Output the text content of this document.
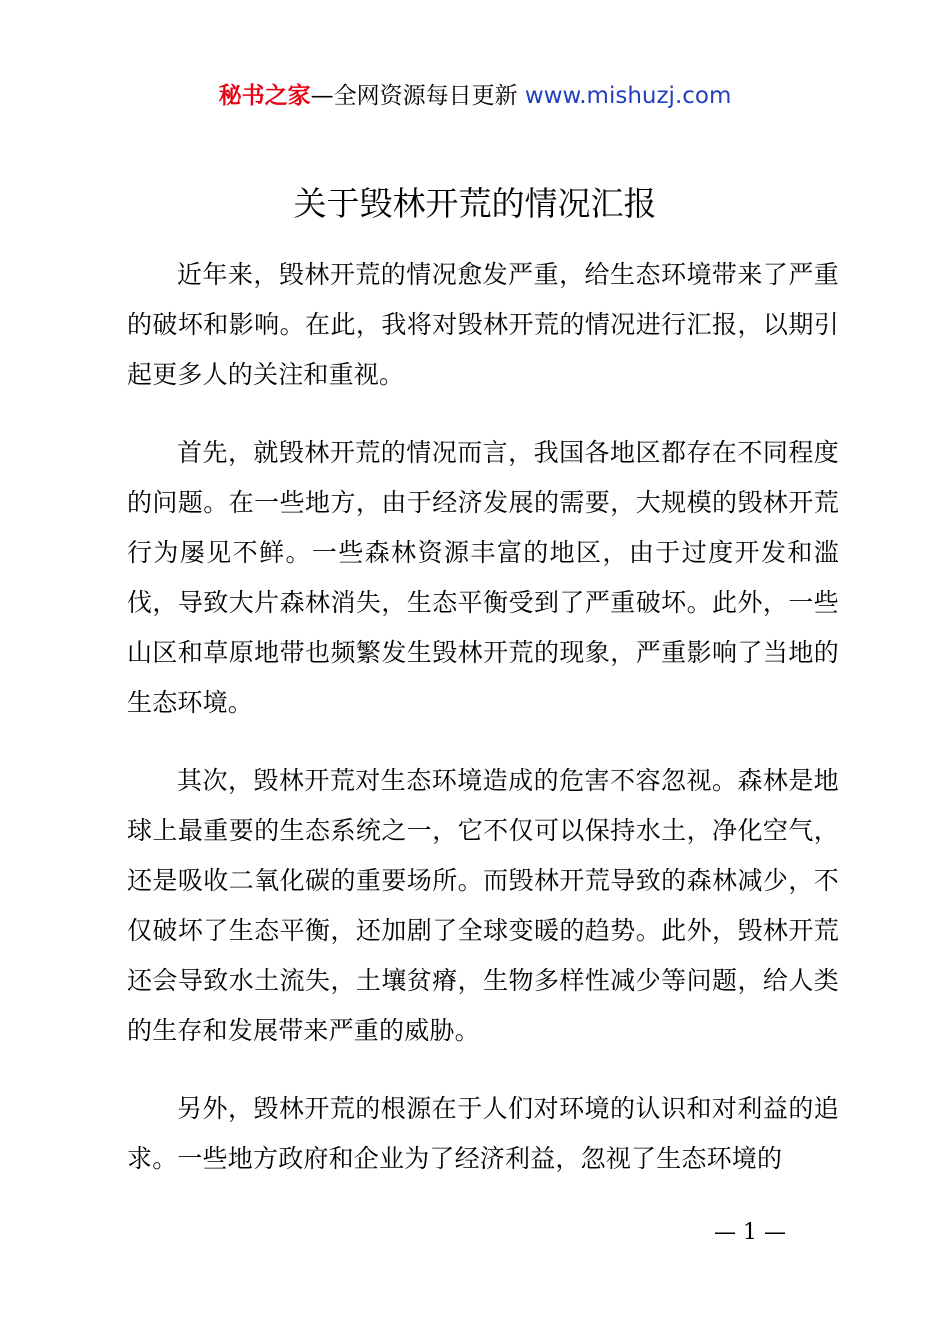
秘书之家—全网资源每日更新 www.mishuzj.com
关于毁林开荒的情况汇报

近年来，毁林开荒的情况愈发严重，给生态环境带来了严重的破坏和影响。在此，我将对毁林开荒的情况进行汇报，以期引起更多人的关注和重视。

首先，就毁林开荒的情况而言，我国各地区都存在不同程度的问题。在一些地方，由于经济发展的需要，大规模的毁林开荒行为屡见不鲜。一些森林资源丰富的地区，由于过度开发和滥伐，导致大片森林消失，生态平衡受到了严重破坏。此外，一些山区和草原地带也频繁发生毁林开荒的现象，严重影响了当地的生态环境。

其次，毁林开荒对生态环境造成的危害不容忽视。森林是地球上最重要的生态系统之一，它不仅可以保持水土，净化空气，还是吸收二氧化碳的重要场所。而毁林开荒导致的森林减少，不仅破坏了生态平衡，还加剧了全球变暖的趋势。此外，毁林开荒还会导致水土流失，土壤贫瘠，生物多样性减少等问题，给人类的生存和发展带来严重的威胁。

另外，毁林开荒的根源在于人们对环境的认识和对利益的追求。一些地方政府和企业为了经济利益，忽视了生态环境的

— 1 —
